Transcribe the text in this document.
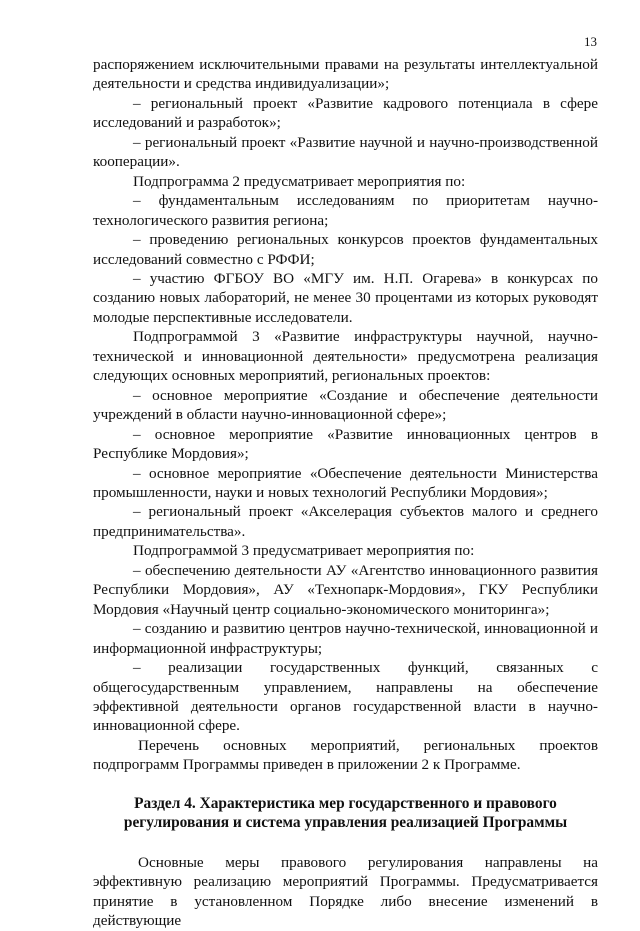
13

распоряжением исключительными правами на результаты интеллектуальной деятельности и средства индивидуализации»;

– региональный проект «Развитие кадрового потенциала в сфере исследований и разработок»;

– региональный проект «Развитие научной и научно-производственной кооперации».

Подпрограмма 2 предусматривает мероприятия по:

– фундаментальным исследованиям по приоритетам научно-технологического развития региона;

– проведению региональных конкурсов проектов фундаментальных исследований совместно с РФФИ;

– участию ФГБОУ ВО «МГУ им. Н.П. Огарева» в конкурсах по созданию новых лабораторий, не менее 30 процентами из которых руководят молодые перспективные исследователи.

Подпрограммой 3 «Развитие инфраструктуры научной, научно-технической и инновационной деятельности» предусмотрена реализация следующих основных мероприятий, региональных проектов:

– основное мероприятие «Создание и обеспечение деятельности учреждений в области научно-инновационной сфере»;

– основное мероприятие «Развитие инновационных центров в Республике Мордовия»;

– основное мероприятие «Обеспечение деятельности Министерства промышленности, науки и новых технологий Республики Мордовия»;

– региональный проект «Акселерация субъектов малого и среднего предпринимательства».

Подпрограммой 3 предусматривает мероприятия по:

– обеспечению деятельности АУ «Агентство инновационного развития Республики Мордовия», АУ «Технопарк-Мордовия», ГКУ Республики Мордовия «Научный центр социально-экономического мониторинга»;

– созданию и развитию центров научно-технической, инновационной и информационной инфраструктуры;

– реализации государственных функций, связанных с общегосударственным управлением, направлены на обеспечение эффективной деятельности органов государственной власти в научно-инновационной сфере.

Перечень основных мероприятий, региональных проектов подпрограмм Программы приведен в приложении 2 к Программе.

Раздел 4. Характеристика мер государственного и правового регулирования и система управления реализацией Программы

Основные меры правового регулирования направлены на эффективную реализацию мероприятий Программы. Предусматривается принятие в установленном Порядке либо внесение изменений в действующие
